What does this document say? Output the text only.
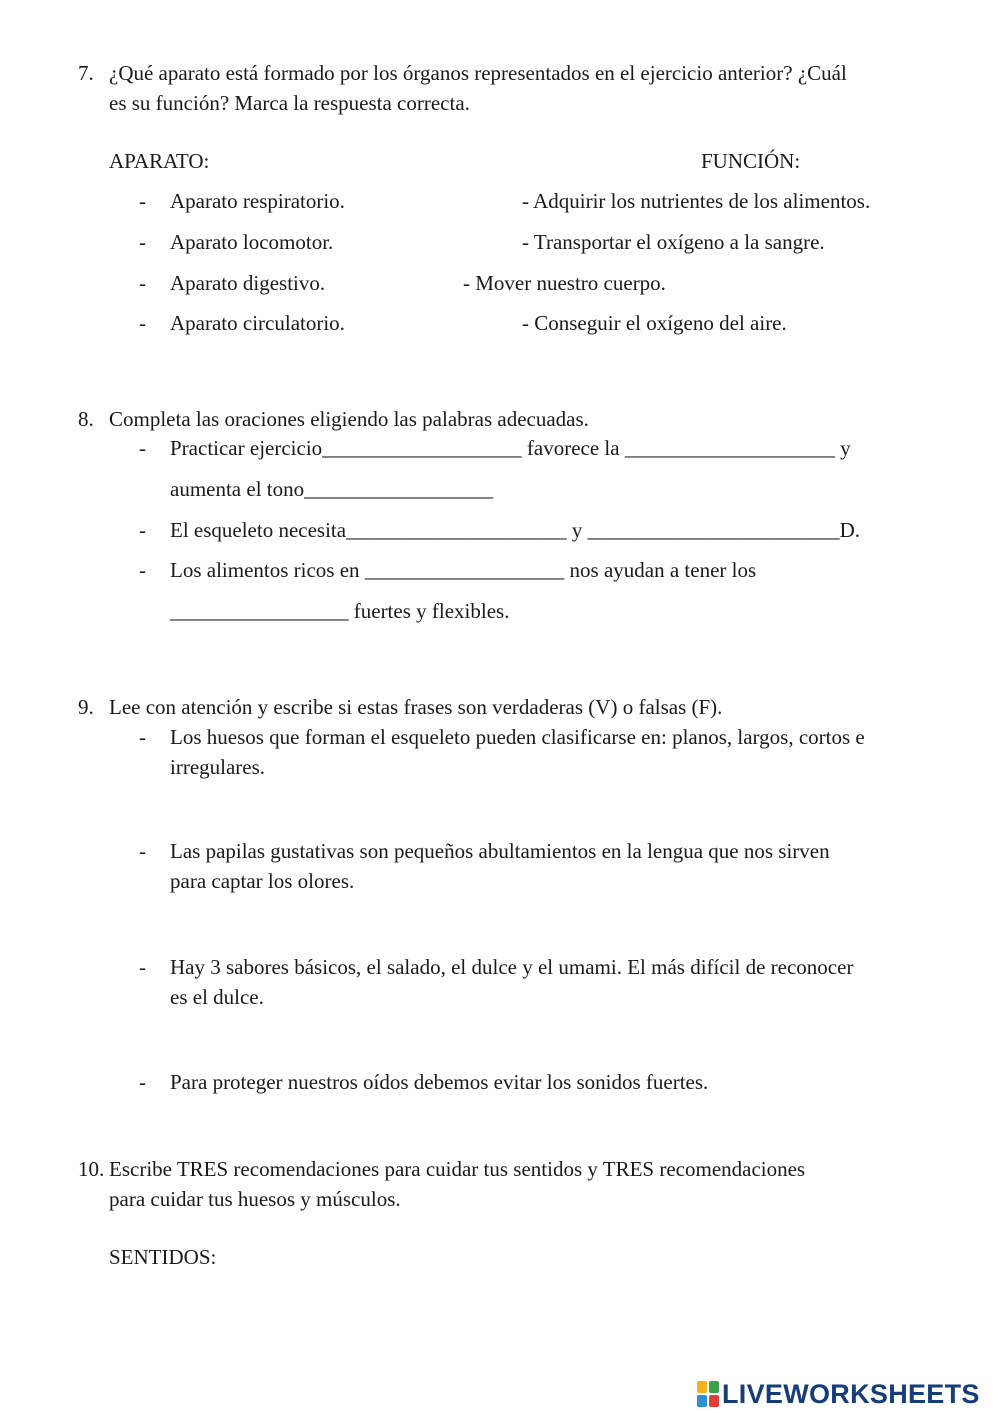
7. ¿Qué aparato está formado por los órganos representados en el ejercicio anterior? ¿Cuál
es su función? Marca la respuesta correcta.
APARATO:	FUNCIÓN:
- Aparato respiratorio.	- Adquirir los nutrientes de los alimentos.
- Aparato locomotor.	- Transportar el oxígeno a la sangre.
- Aparato digestivo.	- Mover nuestro cuerpo.
- Aparato circulatorio.	- Conseguir el oxígeno del aire.
8. Completa las oraciones eligiendo las palabras adecuadas.
- Practicar ejercicio___________________ favorece la ____________________ y
aumenta el tono__________________
- El esqueleto necesita_____________________ y ________________________D.
- Los alimentos ricos en ___________________ nos ayudan a tener los
_________________ fuertes y flexibles.
9. Lee con atención y escribe si estas frases son verdaderas (V) o falsas (F).
- Los huesos que forman el esqueleto pueden clasificarse en: planos, largos, cortos e
irregulares.
- Las papilas gustativas son pequeños abultamientos en la lengua que nos sirven
para captar los olores.
- Hay 3 sabores básicos, el salado, el dulce y el umami. El más difícil de reconocer
es el dulce.
- Para proteger nuestros oídos debemos evitar los sonidos fuertes.
10. Escribe TRES recomendaciones para cuidar tus sentidos y TRES recomendaciones
para cuidar tus huesos y músculos.
SENTIDOS:
LIVEWORKSHEETS
